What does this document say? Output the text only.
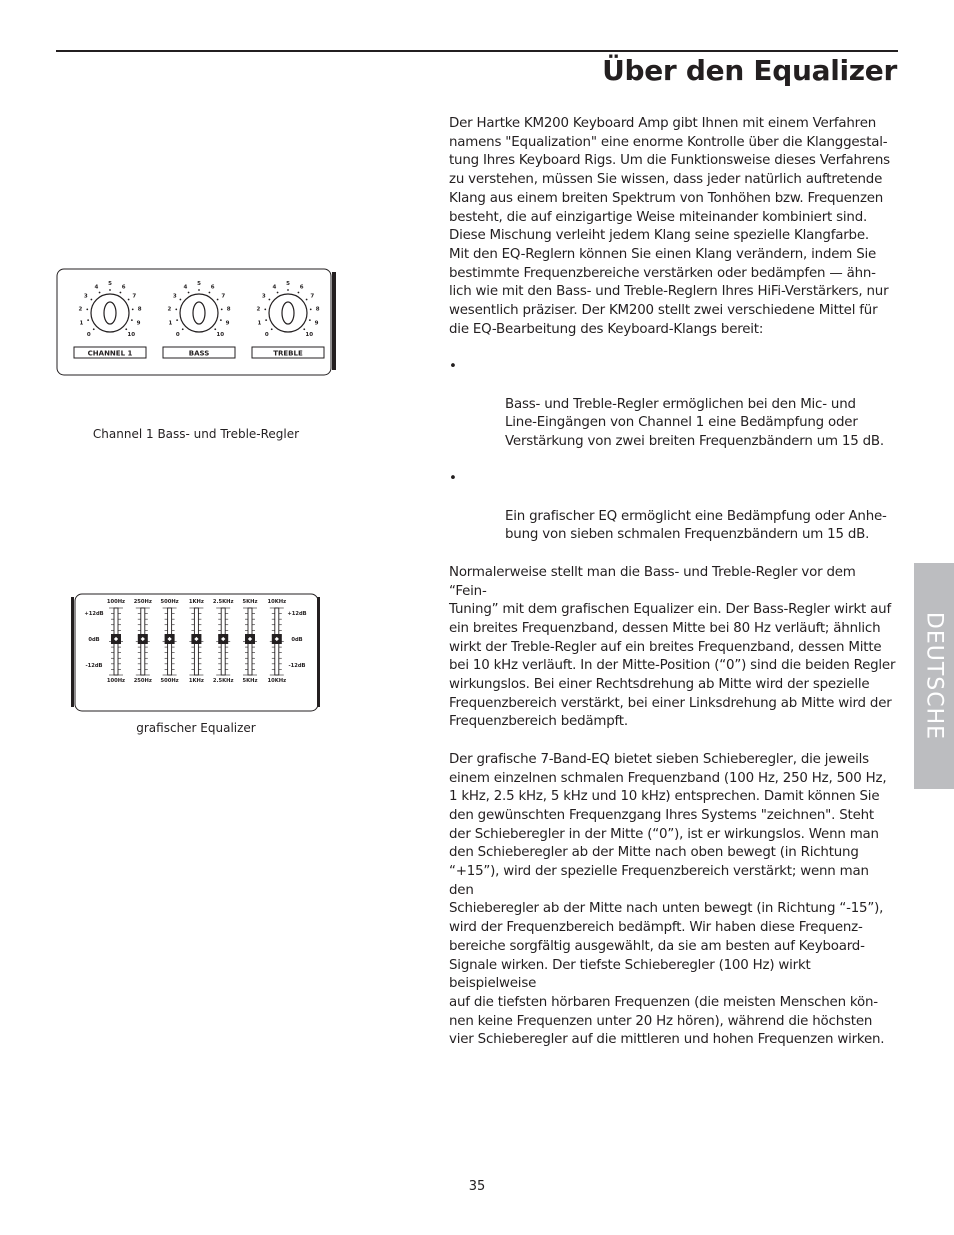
Über den Equalizer
0
1
2
3
4
5
6
7
8
9
10
CHANNEL 1
0
1
2
3
4
5
6
7
8
9
10
BASS
0
1
2
3
4
5
6
7
8
9
10
TREBLE
Channel 1 Bass- und Treble-Regler
100Hz
100Hz
250Hz
250Hz
500Hz
500Hz
1KHz
1KHz
2.5KHz
2.5KHz
5KHz
5KHz
10KHz
10KHz
+12dB	+12dB
0dB	0dB
-12dB	-12dB
grafischer Equalizer

Der Hartke KM200 Keyboard Amp gibt Ihnen mit einem Verfahren
namens "Equalization" eine enorme Kontrolle über die Klanggestal-
tung Ihres Keyboard Rigs. Um die Funktionsweise dieses Verfahrens
zu verstehen, müssen Sie wissen, dass jeder natürlich auftretende
Klang aus einem breiten Spektrum von Tonhöhen bzw. Frequenzen
besteht, die auf einzigartige Weise miteinander kombiniert sind.
Diese Mischung verleiht jedem Klang seine spezielle Klangfarbe.
Mit den EQ-Reglern können Sie einen Klang verändern, indem Sie
bestimmte Frequenzbereiche verstärken oder bedämpfen — ähn-
lich wie mit den Bass- und Treble-Reglern Ihres HiFi-Verstärkers, nur
wesentlich präziser. Der KM200 stellt zwei verschiedene Mittel für
die EQ-Bearbeitung des Keyboard-Klangs bereit:

•

Bass- und Treble-Regler ermöglichen bei den Mic- und
Line-Eingängen von Channel 1 eine Bedämpfung oder
Verstärkung von zwei breiten Frequenzbändern um 15 dB.

•

Ein grafischer EQ ermöglicht eine Bedämpfung oder Anhe-
bung von sieben schmalen Frequenzbändern um 15 dB.

Normalerweise stellt man die Bass- und Treble-Regler vor dem “Fein-
Tuning” mit dem grafischen Equalizer ein. Der Bass-Regler wirkt auf
ein breites Frequenzband, dessen Mitte bei 80 Hz verläuft; ähnlich
wirkt der Treble-Regler auf ein breites Frequenzband, dessen Mitte
bei 10 kHz verläuft. In der Mitte-Position (“0”) sind die beiden Regler
wirkungslos. Bei einer Rechtsdrehung ab Mitte wird der spezielle
Frequenzbereich verstärkt, bei einer Linksdrehung ab Mitte wird der
Frequenzbereich bedämpft.

Der grafische 7-Band-EQ bietet sieben Schieberegler, die jeweils
einem einzelnen schmalen Frequenzband (100 Hz, 250 Hz, 500 Hz,
1 kHz, 2.5 kHz, 5 kHz und 10 kHz) entsprechen. Damit können Sie
den gewünschten Frequenzgang Ihres Systems "zeichnen". Steht
der Schieberegler in der Mitte (“0”), ist er wirkungslos. Wenn man
den Schieberegler ab der Mitte nach oben bewegt (in Richtung
“+15”), wird der spezielle Frequenzbereich verstärkt; wenn man den
Schieberegler ab der Mitte nach unten bewegt (in Richtung “-15”),
wird der Frequenzbereich bedämpft. Wir haben diese Frequenz-
bereiche sorgfältig ausgewählt, da sie am besten auf Keyboard-
Signale wirken. Der tiefste Schieberegler (100 Hz) wirkt beispielweise
auf die tiefsten hörbaren Frequenzen (die meisten Menschen kön-
nen keine Frequenzen unter 20 Hz hören), während die höchsten
vier Schieberegler auf die mittleren und hohen Frequenzen wirken.

DEUTSCHE
35
